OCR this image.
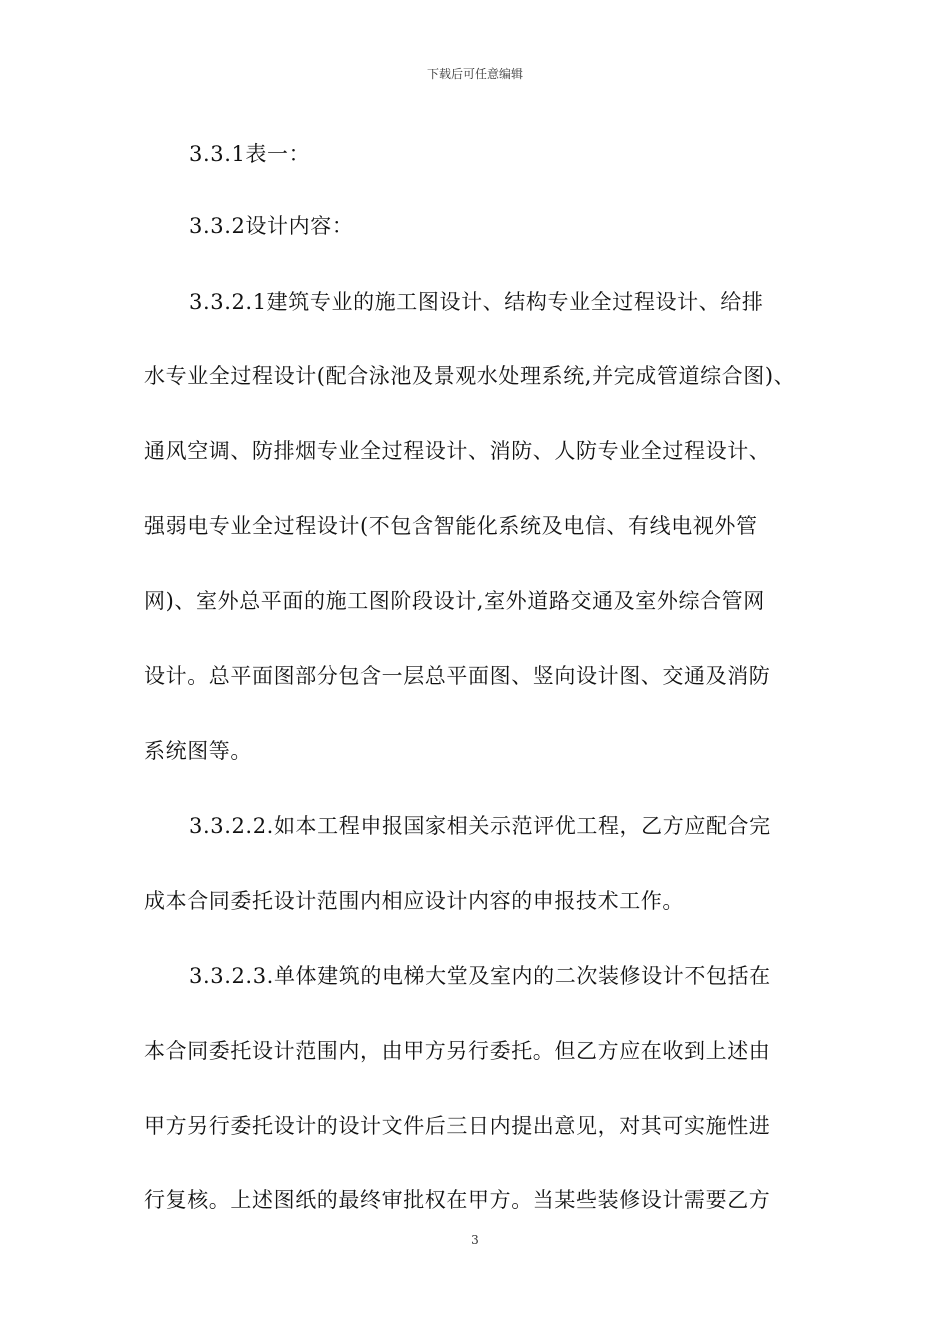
下载后可任意编辑
3.3.1表一：
3.3.2设计内容：
3.3.2.1建筑专业的施工图设计、结构专业全过程设计、给排
水专业全过程设计(配合泳池及景观水处理系统,并完成管道综合图)、
通风空调、防排烟专业全过程设计、消防、人防专业全过程设计、
强弱电专业全过程设计(不包含智能化系统及电信、有线电视外管
网)、室外总平面的施工图阶段设计,室外道路交通及室外综合管网
设计。总平面图部分包含一层总平面图、竖向设计图、交通及消防
系统图等。
3.3.2.2.如本工程申报国家相关示范评优工程，乙方应配合完
成本合同委托设计范围内相应设计内容的申报技术工作。
3.3.2.3.单体建筑的电梯大堂及室内的二次装修设计不包括在
本合同委托设计范围内，由甲方另行委托。但乙方应在收到上述由
甲方另行委托设计的设计文件后三日内提出意见，对其可实施性进
行复核。上述图纸的最终审批权在甲方。当某些装修设计需要乙方
3
